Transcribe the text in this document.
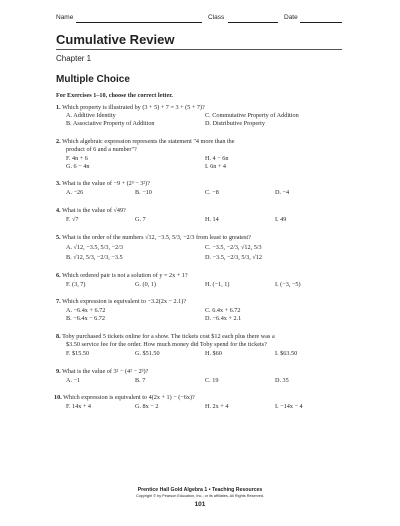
Name	Class	Date
Cumulative Review
Chapter 1
Multiple Choice
For Exercises 1–10, choose the correct letter.
1. Which property is illustrated by (3 + 5) + 7 = 3 + (5 + 7)?
A. Additive Identity	C. Commutative Property of Addition
B. Associative Property of Addition	D. Distributive Property
2. Which algebraic expression represents the statement "4 more than the
product of 6 and a number"?
F. 4n + 6	H. 4 − 6n
G. 6 − 4n	I. 6n + 4
3. What is the value of −9 + (2³ − 3²)?
A. −26	B. −10	C. −8	D. −4
4. What is the value of √49?
F. √7	G. 7	H. 14	I. 49
5. What is the order of the numbers √12, −3.5, 5/3, −2/3 from least to greatest?
A. √12, −3.5, 5/3, −2/3	C. −3.5, −2/3, √12, 5/3
B. √12, 5/3, −2/3, −3.5	D. −3.5, −2/3, 5/3, √12
6. Which ordered pair is not a solution of y = 2x + 1?
F. (3, 7)	G. (0, 1)	H. (−1, 1)	I. (−3, −5)
7. Which expression is equivalent to −3.2(2x − 2.1)?
A. −6.4x + 6.72	C. 6.4x + 6.72
B. −6.4x − 6.72	D. −6.4x + 2.1
8. Toby purchased 5 tickets online for a show. The tickets cost $12 each plus there was a
$3.50 service fee for the order. How much money did Toby spend for the tickets?
F. $15.50	G. $51.50	H. $60	I. $63.50
9. What is the value of 3² − (4² − 2³)?
A. −1	B. 7	C. 19	D. 35
10. Which expression is equivalent to 4(2x + 1) − (−6x)?
F. 14x + 4	G. 8x − 2	H. 2x + 4	I. −14x − 4
Prentice Hall Gold Algebra 1 • Teaching Resources
Copyright © by Pearson Education, Inc., or its affiliates. All Rights Reserved.
101
